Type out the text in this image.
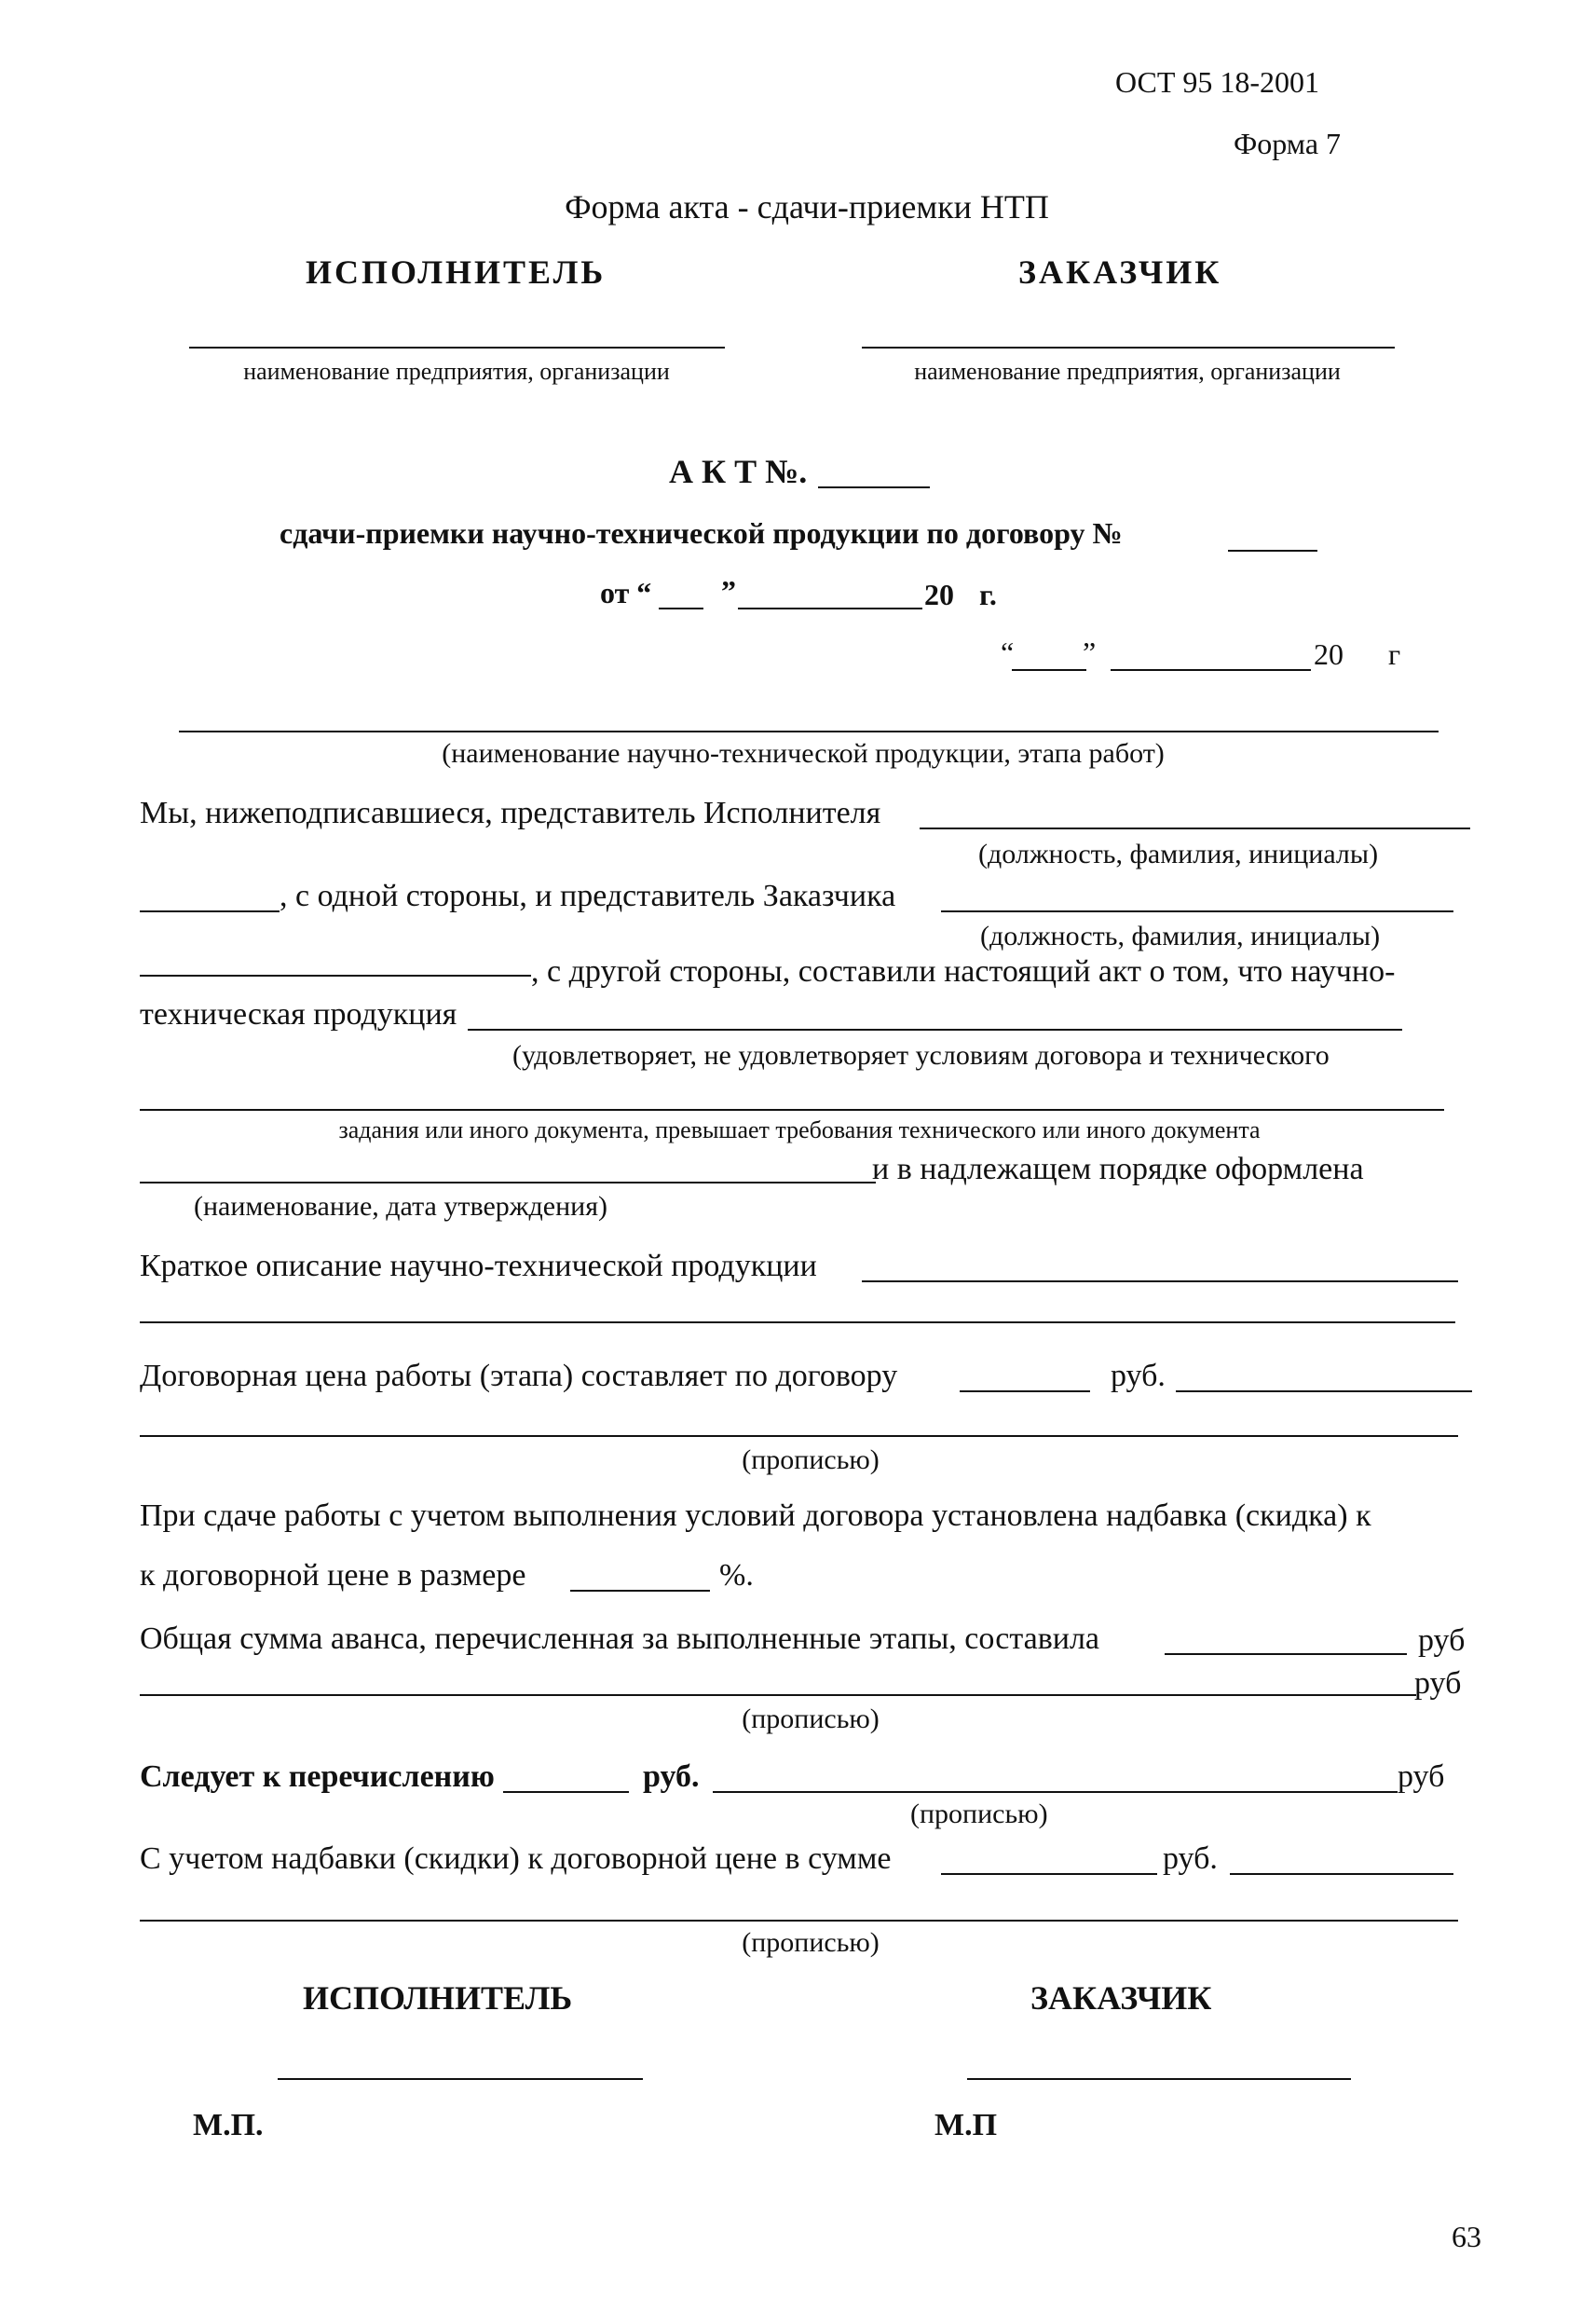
ОСТ 95 18-2001
Форма 7
Форма акта - сдачи-приемки НТП
ИСПОЛНИТЕЛЬ	ЗАКАЗЧИК
наименование предприятия, организации	наименование предприятия, организации
А К Т №.
сдачи-приемки научно-технической продукции по договору №
от “ ”	20 г.
“ ”	20 г
(наименование научно-технической продукции, этапа работ)
Мы, нижеподписавшиеся, представитель Исполнителя
(должность, фамилия, инициалы)
, с одной стороны, и представитель Заказчика
(должность, фамилия, инициалы)
, с другой стороны, составили настоящий акт о том, что научно-
техническая продукция
(удовлетворяет, не удовлетворяет условиям договора и технического
задания или иного документа, превышает требования технического или иного документа
и в надлежащем порядке оформлена
(наименование, дата утверждения)
Краткое описание научно-технической продукции
Договорная цена работы (этапа) составляет по договору	руб.
(прописью)
При сдаче работы с учетом выполнения условий договора установлена надбавка (скидка) к
к договорной цене в размере	%.
Общая сумма аванса, перечисленная за выполненные этапы, составила	руб
руб
(прописью)
Следует к перечислению	руб.	руб
(прописью)
С учетом надбавки (скидки) к договорной цене в сумме	руб.
(прописью)
ИСПОЛНИТЕЛЬ	ЗАКАЗЧИК
М.П.	М.П
63
